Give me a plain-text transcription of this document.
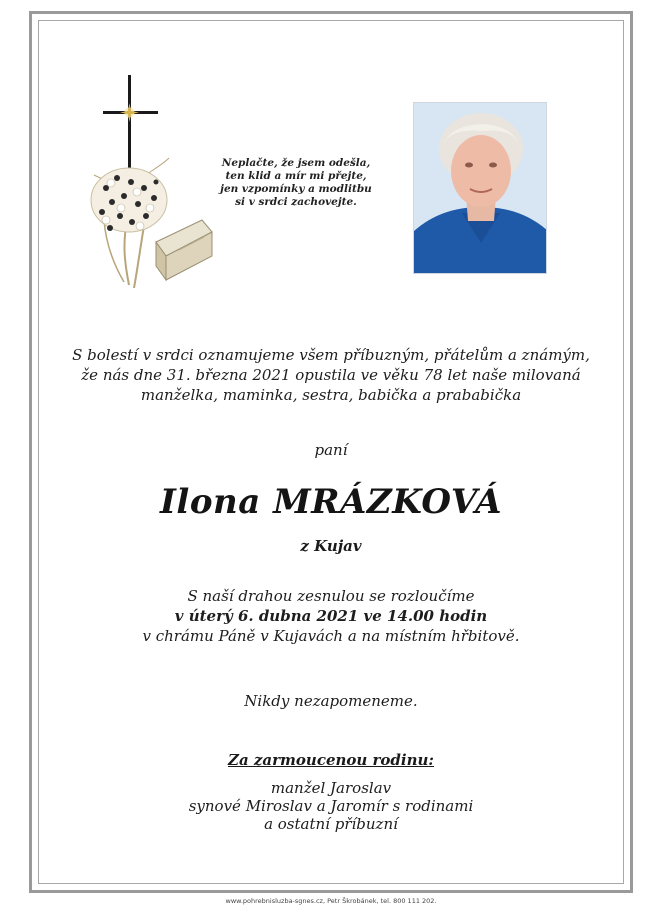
Neplačte, že jsem odešla,
ten klid a mír mi přejte,
jen vzpomínky a modlitbu
si v srdci zachovejte.
S bolestí v srdci oznamujeme všem příbuzným, přátelům a známým,
že nás dne 31. března 2021 opustila ve věku 78 let naše milovaná
manželka, maminka, sestra, babička a prababička
paní
Ilona MRÁZKOVÁ
z Kujav
S naší drahou zesnulou se rozloučíme
v úterý 6. dubna 2021 ve 14.00 hodin
v chrámu Páně v Kujavách a na místním hřbitově.
Nikdy nezapomeneme.
Za zarmoucenou rodinu:
manžel Jaroslav
synové Miroslav a Jaromír s rodinami
a ostatní příbuzní
www.pohrebnisluzba-sgnes.cz, Petr Škrobánek, tel. 800 111 202.
